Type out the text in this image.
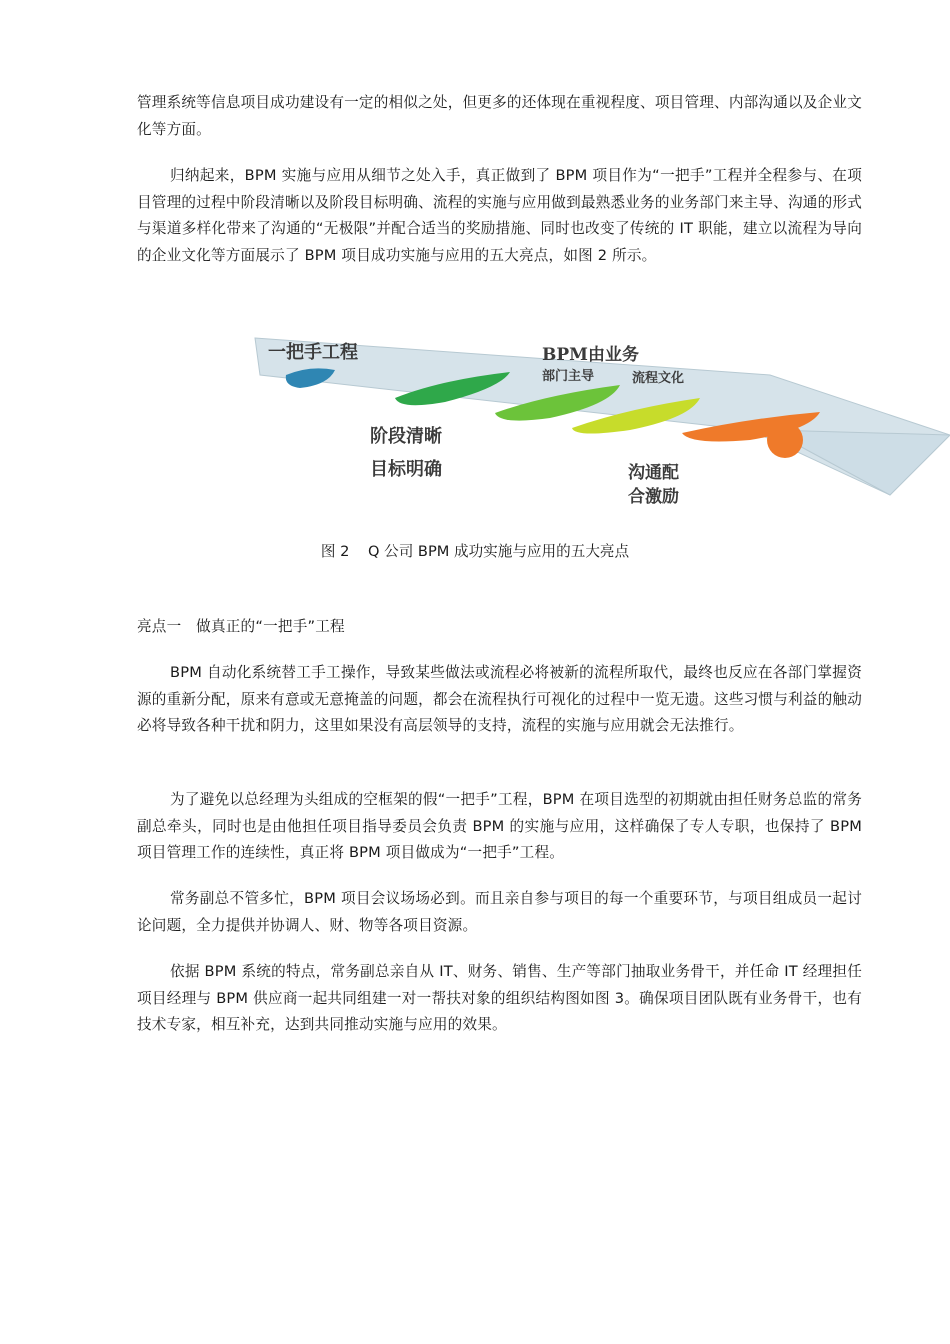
管理系统等信息项目成功建设有一定的相似之处，但更多的还体现在重视程度、项目管理、内部沟通以及企业文化等方面。

归纳起来，BPM 实施与应用从细节之处入手，真正做到了 BPM 项目作为“一把手”工程并全程参与、在项目管理的过程中阶段清晰以及阶段目标明确、流程的实施与应用做到最熟悉业务的业务部门来主导、沟通的形式与渠道多样化带来了沟通的“无极限”并配合适当的奖励措施、同时也改变了传统的 IT 职能，建立以流程为导向的企业文化等方面展示了 BPM 项目成功实施与应用的五大亮点，如图 2 所示。

一把手工程
阶段清晰
目标明确
BPM由业务
部门主导	流程文化
沟通配
合激励

图 2 Q 公司 BPM 成功实施与应用的五大亮点

亮点一　做真正的“一把手”工程

BPM 自动化系统替工手工操作，导致某些做法或流程必将被新的流程所取代，最终也反应在各部门掌握资源的重新分配，原来有意或无意掩盖的问题，都会在流程执行可视化的过程中一览无遗。这些习惯与利益的触动必将导致各种干扰和阴力，这里如果没有高层领导的支持，流程的实施与应用就会无法推行。

为了避免以总经理为头组成的空框架的假“一把手”工程，BPM 在项目选型的初期就由担任财务总监的常务副总牵头，同时也是由他担任项目指导委员会负责 BPM 的实施与应用，这样确保了专人专职，也保持了 BPM 项目管理工作的连续性，真正将 BPM 项目做成为“一把手”工程。

常务副总不管多忙，BPM 项目会议场场必到。而且亲自参与项目的每一个重要环节，与项目组成员一起讨论问题，全力提供并协调人、财、物等各项目资源。

依据 BPM 系统的特点，常务副总亲自从 IT、财务、销售、生产等部门抽取业务骨干，并任命 IT 经理担任项目经理与 BPM 供应商一起共同组建一对一帮扶对象的组织结构图如图 3。确保项目团队既有业务骨干，也有技术专家，相互补充，达到共同推动实施与应用的效果。
